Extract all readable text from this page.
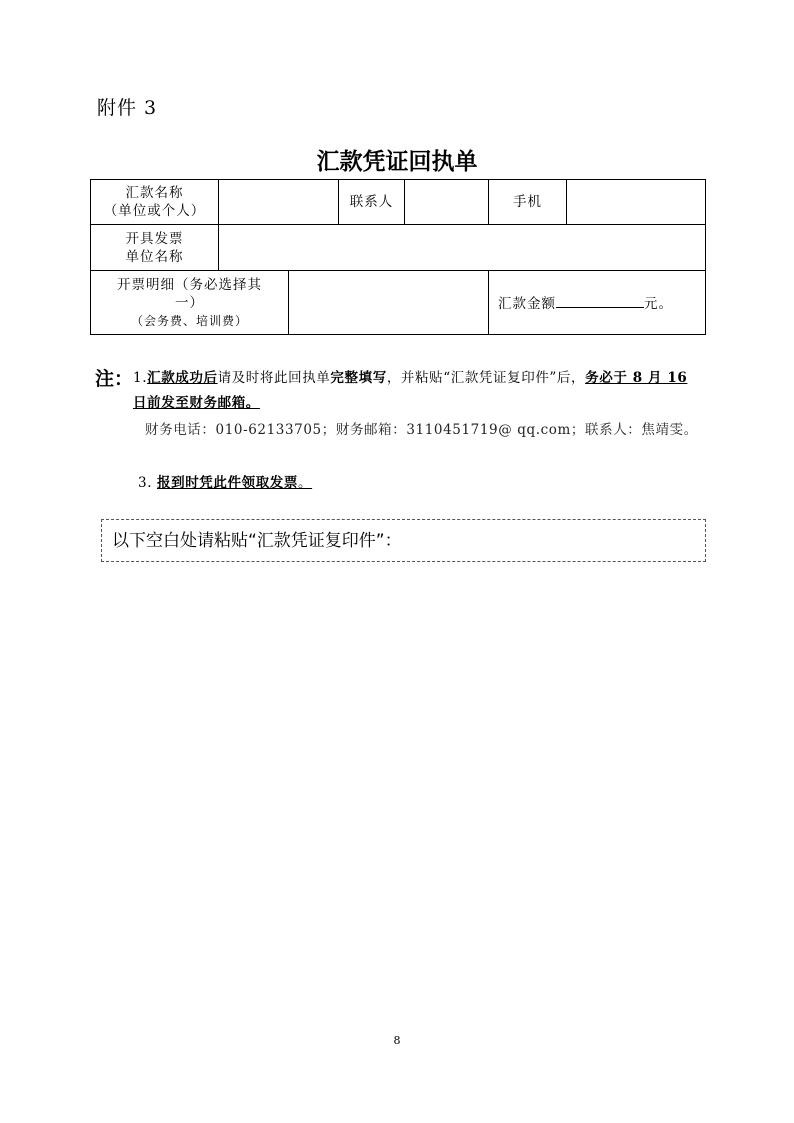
附件 3
汇款凭证回执单
汇款名称
（单位或个人）			联系人		手机	

开具发票
单位名称						

开票明细（务必选择其
一）
（会务费、培训费）					汇款金额 元。	
注： 1.汇款成功后请及时将此回执单完整填写，并粘贴“汇款凭证复印件”后，务必于 8 月 16 日前发至财务邮箱。
财务电话：010-62133705；财务邮箱：3110451719@ qq.com；联系人：焦靖雯。
3. 报到时凭此件领取发票。
以下空白处请粘贴“汇款凭证复印件”：
8
